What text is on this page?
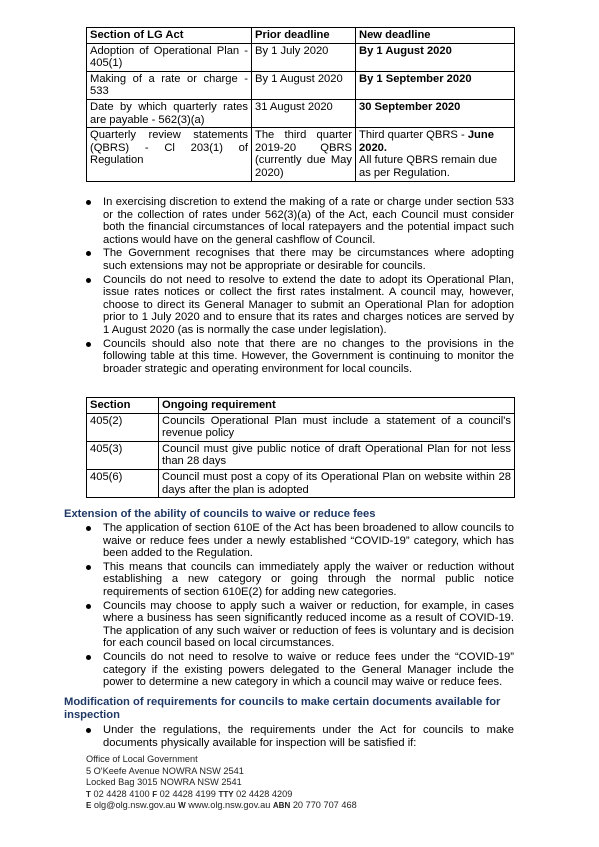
Section of LG Act	Prior deadline	New deadline
Adoption of Operational Plan - 405(1)	By 1 July 2020	By 1 August 2020
Making of a rate or charge - 533	By 1 August 2020	By 1 September 2020
Date by which quarterly rates are payable - 562(3)(a)	31 August 2020	30 September 2020
Quarterly review statements (QBRS) - Cl 203(1) of Regulation	The third quarter 2019-20 QBRS (currently due May 2020)	Third quarter QBRS - June 2020.
All future QBRS remain due as per Regulation.
In exercising discretion to extend the making of a rate or charge under section 533 or the collection of rates under 562(3)(a) of the Act, each Council must consider both the financial circumstances of local ratepayers and the potential impact such actions would have on the general cashflow of Council.
The Government recognises that there may be circumstances where adopting such extensions may not be appropriate or desirable for councils.
Councils do not need to resolve to extend the date to adopt its Operational Plan, issue rates notices or collect the first rates instalment. A council may, however, choose to direct its General Manager to submit an Operational Plan for adoption prior to 1 July 2020 and to ensure that its rates and charges notices are served by 1 August 2020 (as is normally the case under legislation).
Councils should also note that there are no changes to the provisions in the following table at this time. However, the Government is continuing to monitor the broader strategic and operating environment for local councils.
Section	Ongoing requirement
405(2)	Councils Operational Plan must include a statement of a council's revenue policy
405(3)	Council must give public notice of draft Operational Plan for not less than 28 days
405(6)	Council must post a copy of its Operational Plan on website within 28 days after the plan is adopted
Extension of the ability of councils to waive or reduce fees
The application of section 610E of the Act has been broadened to allow councils to waive or reduce fees under a newly established “COVID-19” category, which has been added to the Regulation.
This means that councils can immediately apply the waiver or reduction without establishing a new category or going through the normal public notice requirements of section 610E(2) for adding new categories.
Councils may choose to apply such a waiver or reduction, for example, in cases where a business has seen significantly reduced income as a result of COVID-19. The application of any such waiver or reduction of fees is voluntary and is decision for each council based on local circumstances.
Councils do not need to resolve to waive or reduce fees under the “COVID-19” category if the existing powers delegated to the General Manager include the power to determine a new category in which a council may waive or reduce fees.
Modification of requirements for councils to make certain documents available for inspection
Under the regulations, the requirements under the Act for councils to make documents physically available for inspection will be satisfied if:
Office of Local Government
5 O'Keefe Avenue NOWRA NSW 2541
Locked Bag 3015 NOWRA NSW 2541
T 02 4428 4100 F 02 4428 4199 TTY 02 4428 4209
E olg@olg.nsw.gov.au W www.olg.nsw.gov.au ABN 20 770 707 468
